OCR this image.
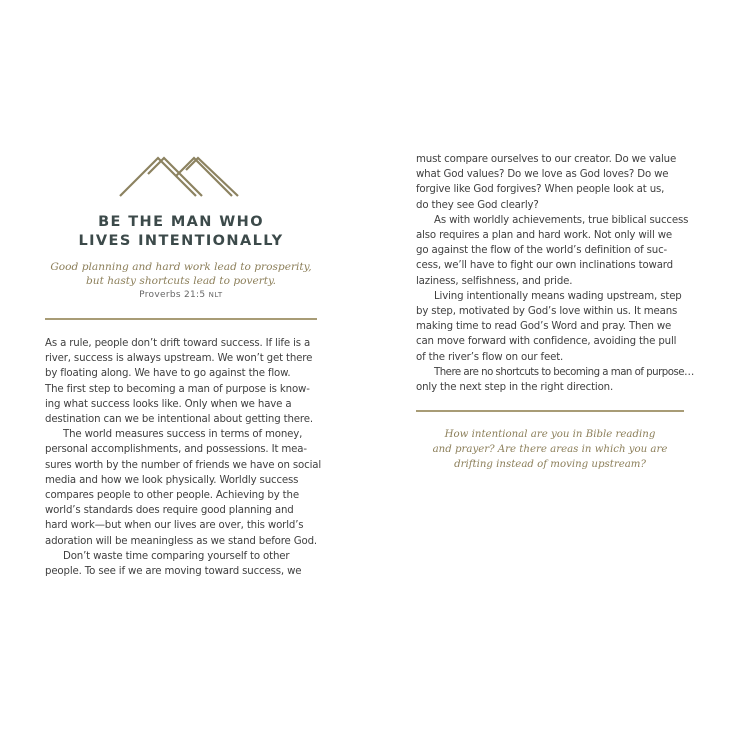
BE THE MAN WHO
LIVES INTENTIONALLY
Good planning and hard work lead to prosperity,
but hasty shortcuts lead to poverty.
Proverbs 21:5 NLT
As a rule, people don’t drift toward success. If life is a
river, success is always upstream. We won’t get there
by floating along. We have to go against the flow.
The first step to becoming a man of purpose is know-
ing what success looks like. Only when we have a
destination can we be intentional about getting there.
The world measures success in terms of money,
personal accomplishments, and possessions. It mea-
sures worth by the number of friends we have on social
media and how we look physically. Worldly success
compares people to other people. Achieving by the
world’s standards does require good planning and
hard work—but when our lives are over, this world’s
adoration will be meaningless as we stand before God.
Don’t waste time comparing yourself to other
people. To see if we are moving toward success, we
must compare ourselves to our creator. Do we value
what God values? Do we love as God loves? Do we
forgive like God forgives? When people look at us,
do they see God clearly?
As with worldly achievements, true biblical success
also requires a plan and hard work. Not only will we
go against the flow of the world’s definition of suc-
cess, we’ll have to fight our own inclinations toward
laziness, selfishness, and pride.
Living intentionally means wading upstream, step
by step, motivated by God’s love within us. It means
making time to read God’s Word and pray. Then we
can move forward with confidence, avoiding the pull
of the river’s flow on our feet.
There are no shortcuts to becoming a man of purpose…
only the next step in the right direction.
How intentional are you in Bible reading
and prayer? Are there areas in which you are
drifting instead of moving upstream?
